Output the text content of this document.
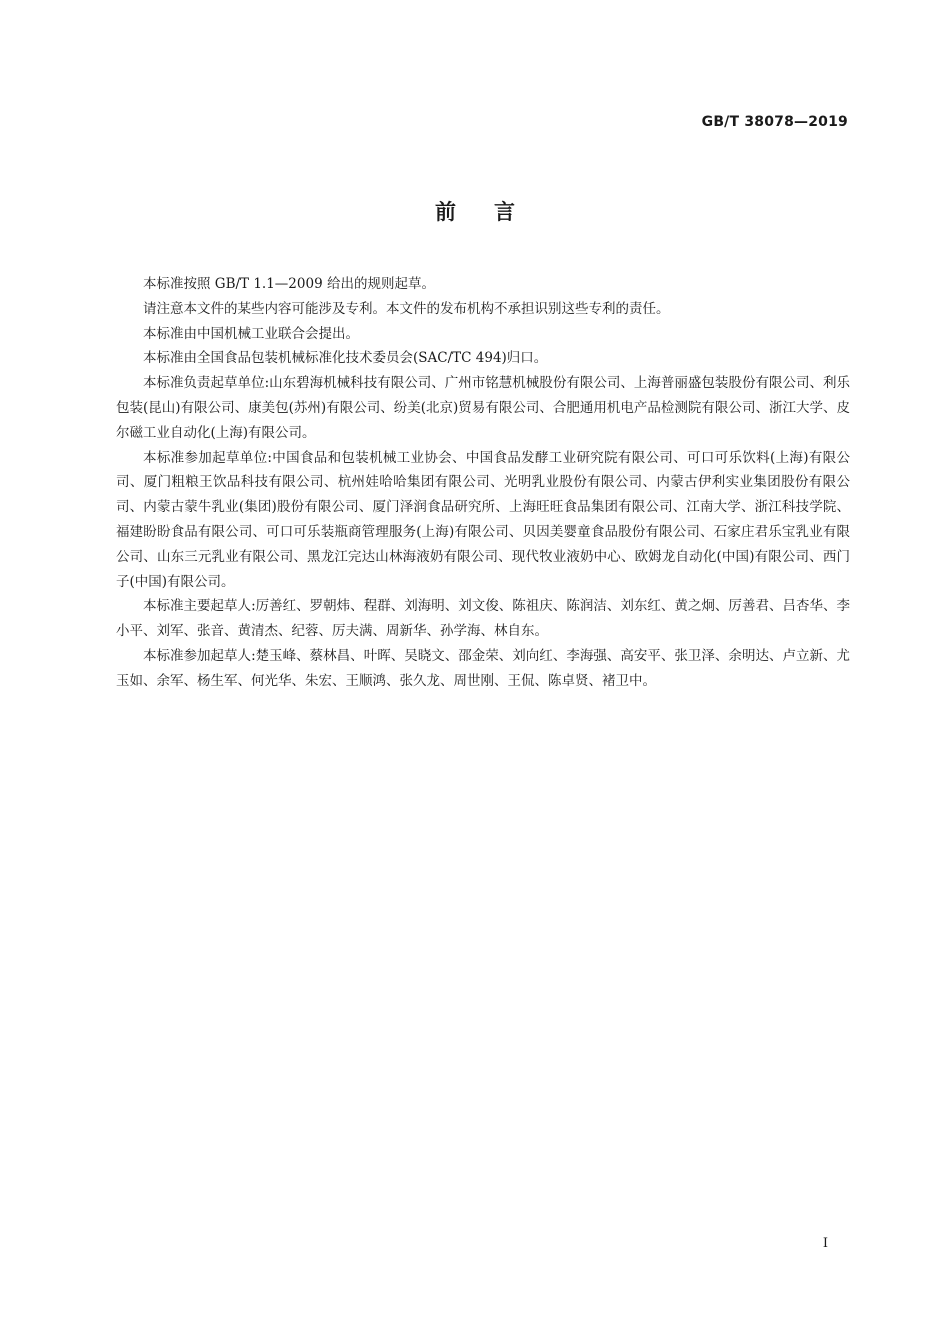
GB/T 38078—2019
前言

本标准按照 GB/T 1.1—2009 给出的规则起草。

请注意本文件的某些内容可能涉及专利。本文件的发布机构不承担识别这些专利的责任。

本标准由中国机械工业联合会提出。

本标准由全国食品包装机械标准化技术委员会(SAC/TC 494)归口。

本标准负责起草单位:山东碧海机械科技有限公司、广州市铭慧机械股份有限公司、上海普丽盛包装股份有限公司、利乐包装(昆山)有限公司、康美包(苏州)有限公司、纷美(北京)贸易有限公司、合肥通用机电产品检测院有限公司、浙江大学、皮尔磁工业自动化(上海)有限公司。

本标准参加起草单位:中国食品和包装机械工业协会、中国食品发酵工业研究院有限公司、可口可乐饮料(上海)有限公司、厦门粗粮王饮品科技有限公司、杭州娃哈哈集团有限公司、光明乳业股份有限公司、内蒙古伊利实业集团股份有限公司、内蒙古蒙牛乳业(集团)股份有限公司、厦门泽润食品研究所、上海旺旺食品集团有限公司、江南大学、浙江科技学院、福建盼盼食品有限公司、可口可乐装瓶商管理服务(上海)有限公司、贝因美婴童食品股份有限公司、石家庄君乐宝乳业有限公司、山东三元乳业有限公司、黑龙江完达山林海液奶有限公司、现代牧业液奶中心、欧姆龙自动化(中国)有限公司、西门子(中国)有限公司。

本标准主要起草人:厉善红、罗朝炜、程群、刘海明、刘文俊、陈祖庆、陈润洁、刘东红、黄之炯、厉善君、吕杏华、李小平、刘军、张音、黄清杰、纪蓉、厉夫满、周新华、孙学海、林自东。

本标准参加起草人:楚玉峰、蔡林昌、叶晖、吴晓文、邵金荣、刘向红、李海强、高安平、张卫泽、余明达、卢立新、尤玉如、余军、杨生军、何光华、朱宏、王顺鸿、张久龙、周世刚、王侃、陈卓贤、褚卫中。

I
